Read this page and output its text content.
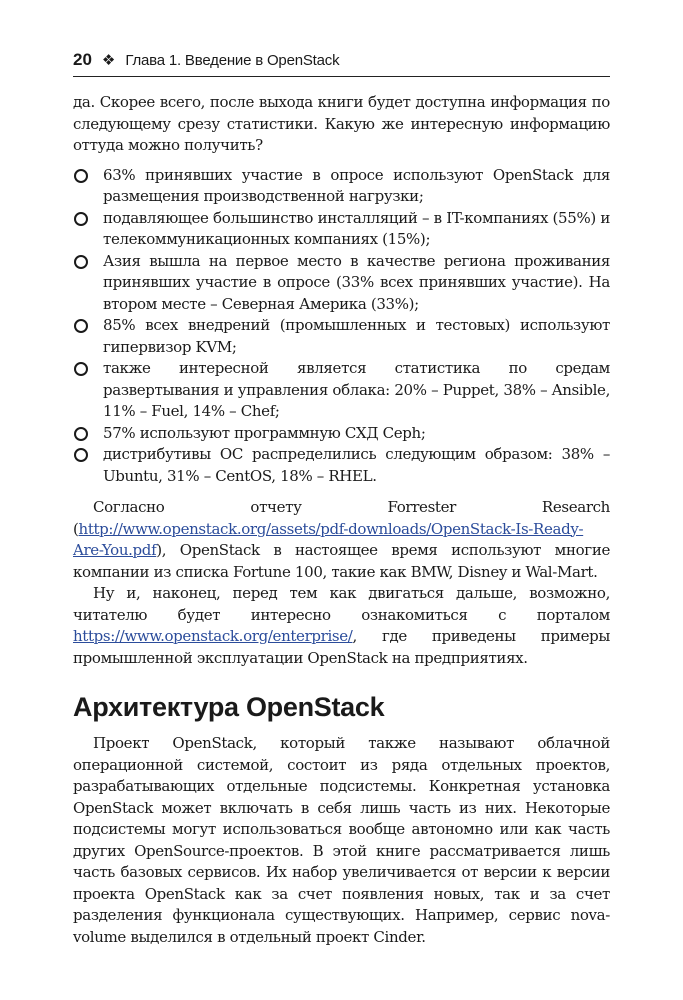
20 ❖ Глава 1. Введение в OpenStack

да. Скорее всего, после выхода книги будет доступна информация по следующему срезу статистики. Какую же интересную информацию оттуда можно получить?

63% принявших участие в опросе используют OpenStack для размещения производственной нагрузки;
подавляющее большинство инсталляций – в IT-компаниях (55%) и телекоммуникационных компаниях (15%);
Азия вышла на первое место в качестве региона проживания принявших участие в опросе (33% всех принявших участие). На втором месте – Северная Америка (33%);
85% всех внедрений (промышленных и тестовых) используют гипервизор KVM;
также интересной является статистика по средам развертывания и управления облака: 20% – Puppet, 38% – Ansible, 11% – Fuel, 14% – Chef;
57% используют программную СХД Ceph;
дистрибутивы ОС распределились следующим образом: 38% – Ubuntu, 31% – CentOS, 18% – RHEL.

Согласно отчету Forrester Research (http://www.openstack.org/assets/pdf-downloads/OpenStack-Is-Ready-Are-You.pdf), OpenStack в настоящее время используют многие компании из списка Fortune 100, такие как BMW, Disney и Wal-Mart.

Ну и, наконец, перед тем как двигаться дальше, возможно, читателю будет интересно ознакомиться с порталом https://www.openstack.org/enterprise/, где приведены примеры промышленной эксплуатации OpenStack на предприятиях.

Архитектура OpenStack

Проект OpenStack, который также называют облачной операционной системой, состоит из ряда отдельных проектов, разрабатывающих отдельные подсистемы. Конкретная установка OpenStack может включать в себя лишь часть из них. Некоторые подсистемы могут использоваться вообще автономно или как часть других OpenSource-проектов. В этой книге рассматривается лишь часть базовых сервисов. Их набор увеличивается от версии к версии проекта OpenStack как за счет появления новых, так и за счет разделения функционала существующих. Например, сервис nova-volume выделился в отдельный проект Cinder.
